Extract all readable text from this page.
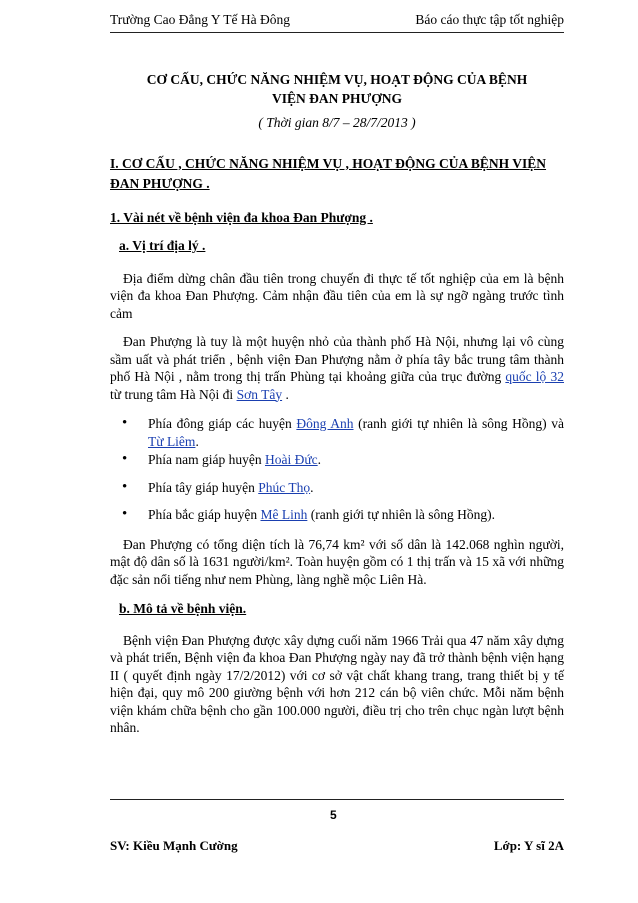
Trường Cao Đẳng Y Tế Hà Đông	Báo cáo thực tập tốt nghiệp
CƠ CẤU, CHỨC NĂNG NHIỆM VỤ, HOẠT ĐỘNG CỦA BỆNH
VIỆN ĐAN PHƯỢNG
( Thời gian 8/7 – 28/7/2013 )
I. CƠ CẤU , CHỨC NĂNG NHIỆM VỤ , HOẠT ĐỘNG CỦA BỆNH VIỆN ĐAN PHƯỢNG .
1. Vài nét về bệnh viện đa khoa Đan Phượng .
a. Vị trí địa lý .

Địa điểm dừng chân đầu tiên trong chuyến đi thực tế tốt nghiệp của em là bệnh viện đa khoa Đan Phượng. Cảm nhận đầu tiên của em là sự ngỡ ngàng trước tình cảm

Đan Phượng là tuy là một huyện nhỏ của thành phố Hà Nội, nhưng lại vô cùng sầm uất và phát triển , bệnh viện Đan Phượng nằm ở phía tây bắc trung tâm thành phố Hà Nội , nằm trong thị trấn Phùng tại khoảng giữa của trục đường quốc lộ 32 từ trung tâm Hà Nội đi Sơn Tây .

• Phía đông giáp các huyện Đông Anh (ranh giới tự nhiên là sông Hồng) và Từ Liêm.
• Phía nam giáp huyện Hoài Đức.
• Phía tây giáp huyện Phúc Thọ.
• Phía bắc giáp huyện Mê Linh (ranh giới tự nhiên là sông Hồng).

Đan Phượng có tổng diện tích là 76,74 km² với số dân là 142.068 nghìn người, mật độ dân số là 1631 người/km². Toàn huyện gồm có 1 thị trấn và 15 xã với những đặc sản nổi tiếng như nem Phùng, làng nghề mộc Liên Hà.

b. Mô tả về bệnh viện.

Bệnh viện Đan Phượng được xây dựng cuối năm 1966 Trải qua 47 năm xây dựng và phát triển, Bệnh viện đa khoa Đan Phượng ngày nay đã trở thành bệnh viện hạng II ( quyết định ngày 17/2/2012) với cơ sở vật chất khang trang, trang thiết bị y tế hiện đại, quy mô 200 giường bệnh với hơn 212 cán bộ viên chức. Mỗi năm bệnh viện khám chữa bệnh cho gần 100.000 người, điều trị cho trên chục ngàn lượt bệnh nhân.

SV: Kiều Mạnh Cường
5
Lớp: Y sĩ 2A
